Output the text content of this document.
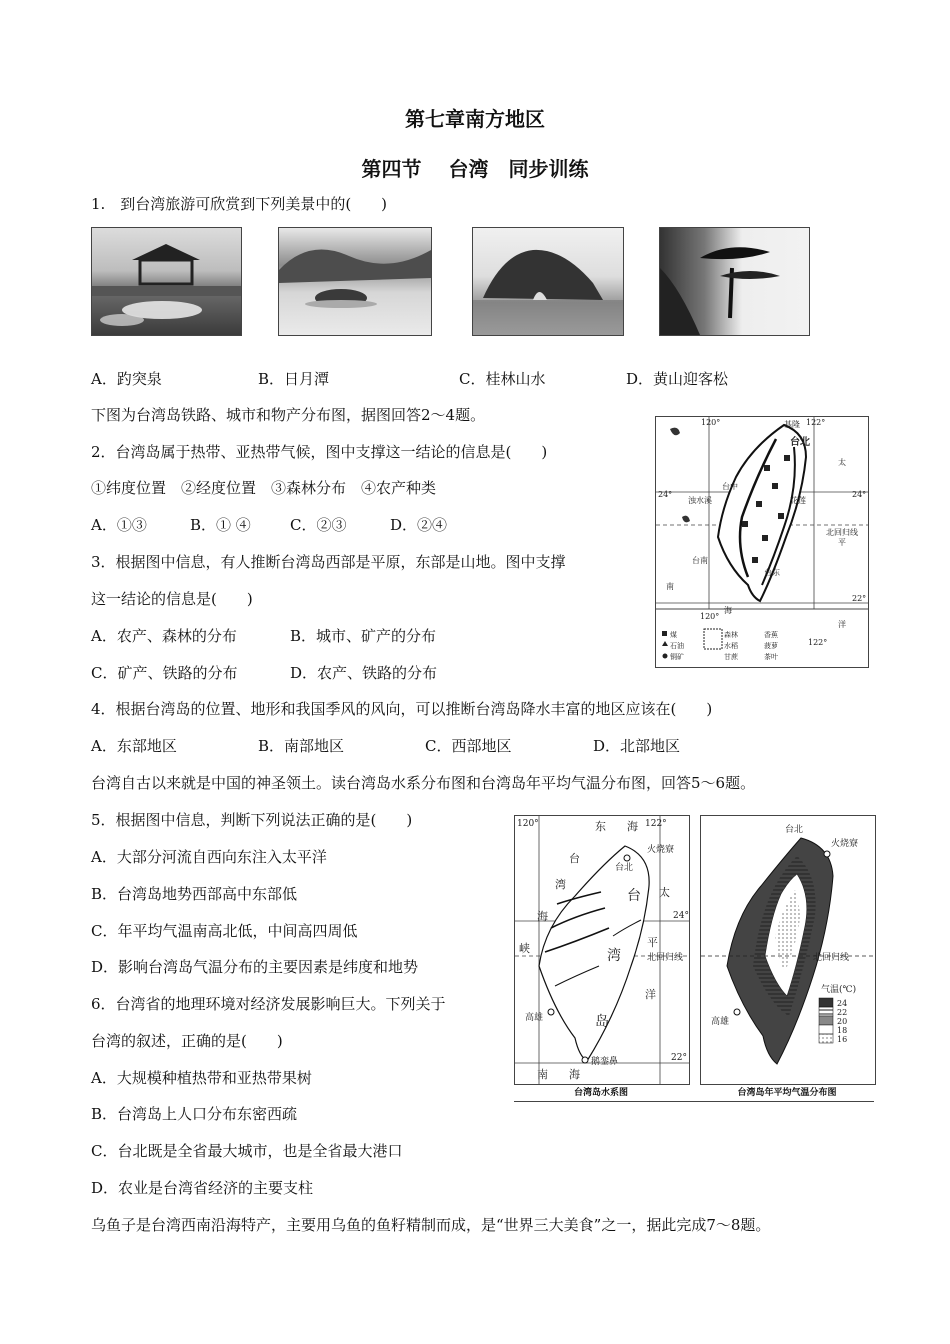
第七章南方地区
第四节　 台湾　同步训练
1.　到台湾旅游可欣赏到下列美景中的(　　)
A．趵突泉	B．日月潭	C．桂林山水	D．黄山迎客松
下图为台湾岛铁路、城市和物产分布图，据图回答2～4题。
2．台湾岛属于热带、亚热带气候，图中支撑这一结论的信息是(　　)
①纬度位置　②经度位置　③森林分布　④农产种类
A．①③	B．① ④	C．②③	D．②④
3．根据图中信息，有人推断台湾岛西部是平原，东部是山地。图中支撑
这一结论的信息是(　　)
A．农产、森林的分布	B．城市、矿产的分布
C．矿产、铁路的分布	D．农产、铁路的分布
120°	122°
24°	24°
22°
120°
122°
基隆
台北
台中
花莲
台南
台东
浊水溪
北回归线
太
平
洋
南
海
煤	森林	香蕉
石油	水稻	菠萝
铜矿	甘蔗	茶叶
4．根据台湾岛的位置、地形和我国季风的风向，可以推断台湾岛降水丰富的地区应该在(　　)
A．东部地区	B．南部地区	C．西部地区	D．北部地区
台湾自古以来就是中国的神圣领土。读台湾岛水系分布图和台湾岛年平均气温分布图，回答5～6题。
5．根据图中信息，判断下列说法正确的是(　　)
A．大部分河流自西向东注入太平洋
B．台湾岛地势西部高中东部低
C．年平均气温南高北低，中间高四周低
D．影响台湾岛气温分布的主要因素是纬度和地势
6．台湾省的地理环境对经济发展影响巨大。下列关于
台湾的叙述，正确的是(　　)
A．大规模种植热带和亚热带果树
B．台湾岛上人口分布东密西疏
C．台北既是全省最大城市，也是全省最大港口
D．农业是台湾省经济的主要支柱
乌鱼子是台湾西南沿海特产，主要用乌鱼的鱼籽精制而成，是“世界三大美食”之一，据此完成7～8题。
120°	122°
24°
22°
东 海
台
湾
海
峡
台
湾
岛
太
平
洋
南 海
台北
火烧寮
高雄
鹅銮鼻
北回归线
台湾岛水系图
台北
火烧寮
高雄
北回归线
气温(℃)
24
22
20
18
16
台湾岛年平均气温分布图
